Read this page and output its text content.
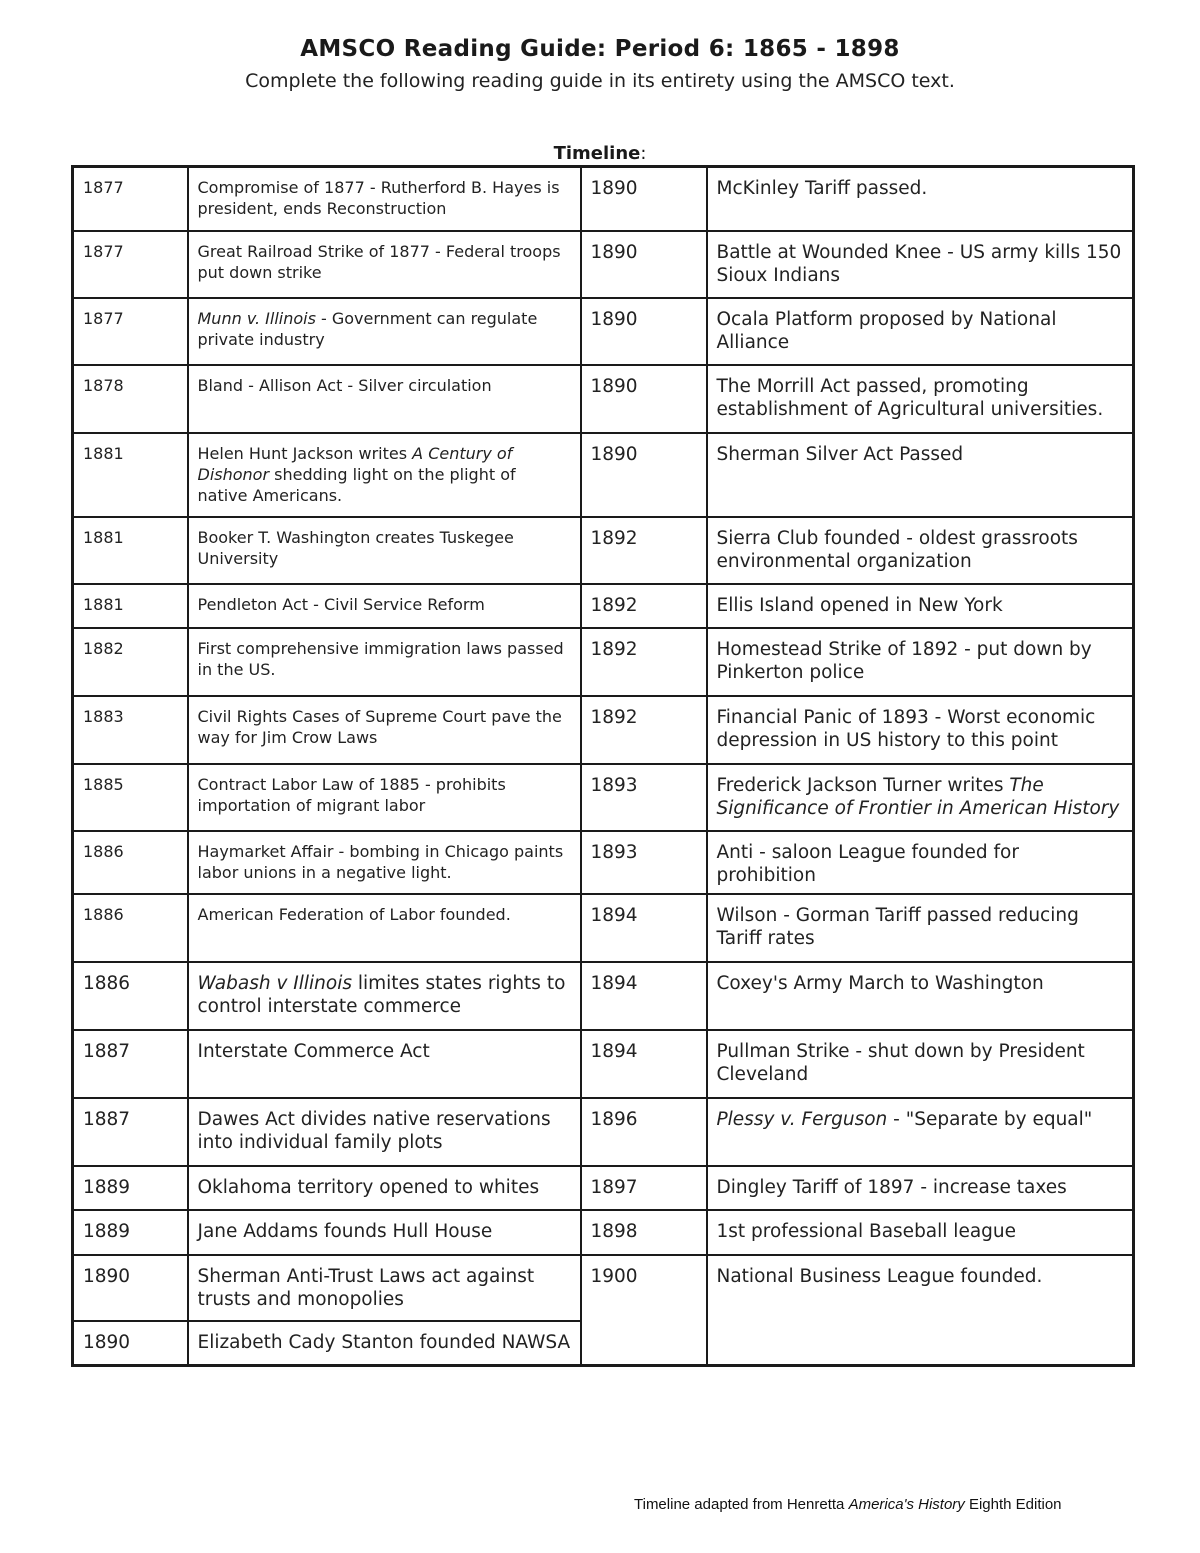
AMSCO Reading Guide: Period 6: 1865 - 1898
Complete the following reading guide in its entirety using the AMSCO text.
Timeline:
1877	Compromise of 1877 - Rutherford B. Hayes is president, ends Reconstruction	1890	McKinley Tariff passed.
1877	Great Railroad Strike of 1877 - Federal troops put down strike	1890	Battle at Wounded Knee - US army kills 150 Sioux Indians
1877	Munn v. Illinois - Government can regulate private industry	1890	Ocala Platform proposed by National Alliance
1878	Bland - Allison Act - Silver circulation	1890	The Morrill Act passed, promoting establishment of Agricultural universities.
1881	Helen Hunt Jackson writes A Century of Dishonor shedding light on the plight of native Americans.	1890	Sherman Silver Act Passed
1881	Booker T. Washington creates Tuskegee University	1892	Sierra Club founded - oldest grassroots environmental organization
1881	Pendleton Act - Civil Service Reform	1892	Ellis Island opened in New York
1882	First comprehensive immigration laws passed in the US.	1892	Homestead Strike of 1892 - put down by Pinkerton police
1883	Civil Rights Cases of Supreme Court pave the way for Jim Crow Laws	1892	Financial Panic of 1893 - Worst economic depression in US history to this point
1885	Contract Labor Law of 1885 - prohibits importation of migrant labor	1893	Frederick Jackson Turner writes The Significance of Frontier in American History
1886	Haymarket Affair - bombing in Chicago paints labor unions in a negative light.	1893	Anti - saloon League founded for prohibition
1886	American Federation of Labor founded.	1894	Wilson - Gorman Tariff passed reducing Tariff rates
1886	Wabash v Illinois limites states rights to control interstate commerce	1894	Coxey's Army March to Washington
1887	Interstate Commerce Act	1894	Pullman Strike - shut down by President Cleveland
1887	Dawes Act divides native reservations into individual family plots	1896	Plessy v. Ferguson - "Separate by equal"
1889	Oklahoma territory opened to whites	1897	Dingley Tariff of 1897 - increase taxes
1889	Jane Addams founds Hull House	1898	1st professional Baseball league
1890	Sherman Anti-Trust Laws act against trusts and monopolies	1900	National Business League founded.
1890	Elizabeth Cady Stanton founded NAWSA		
Timeline adapted from Henretta America's History Eighth Edition
